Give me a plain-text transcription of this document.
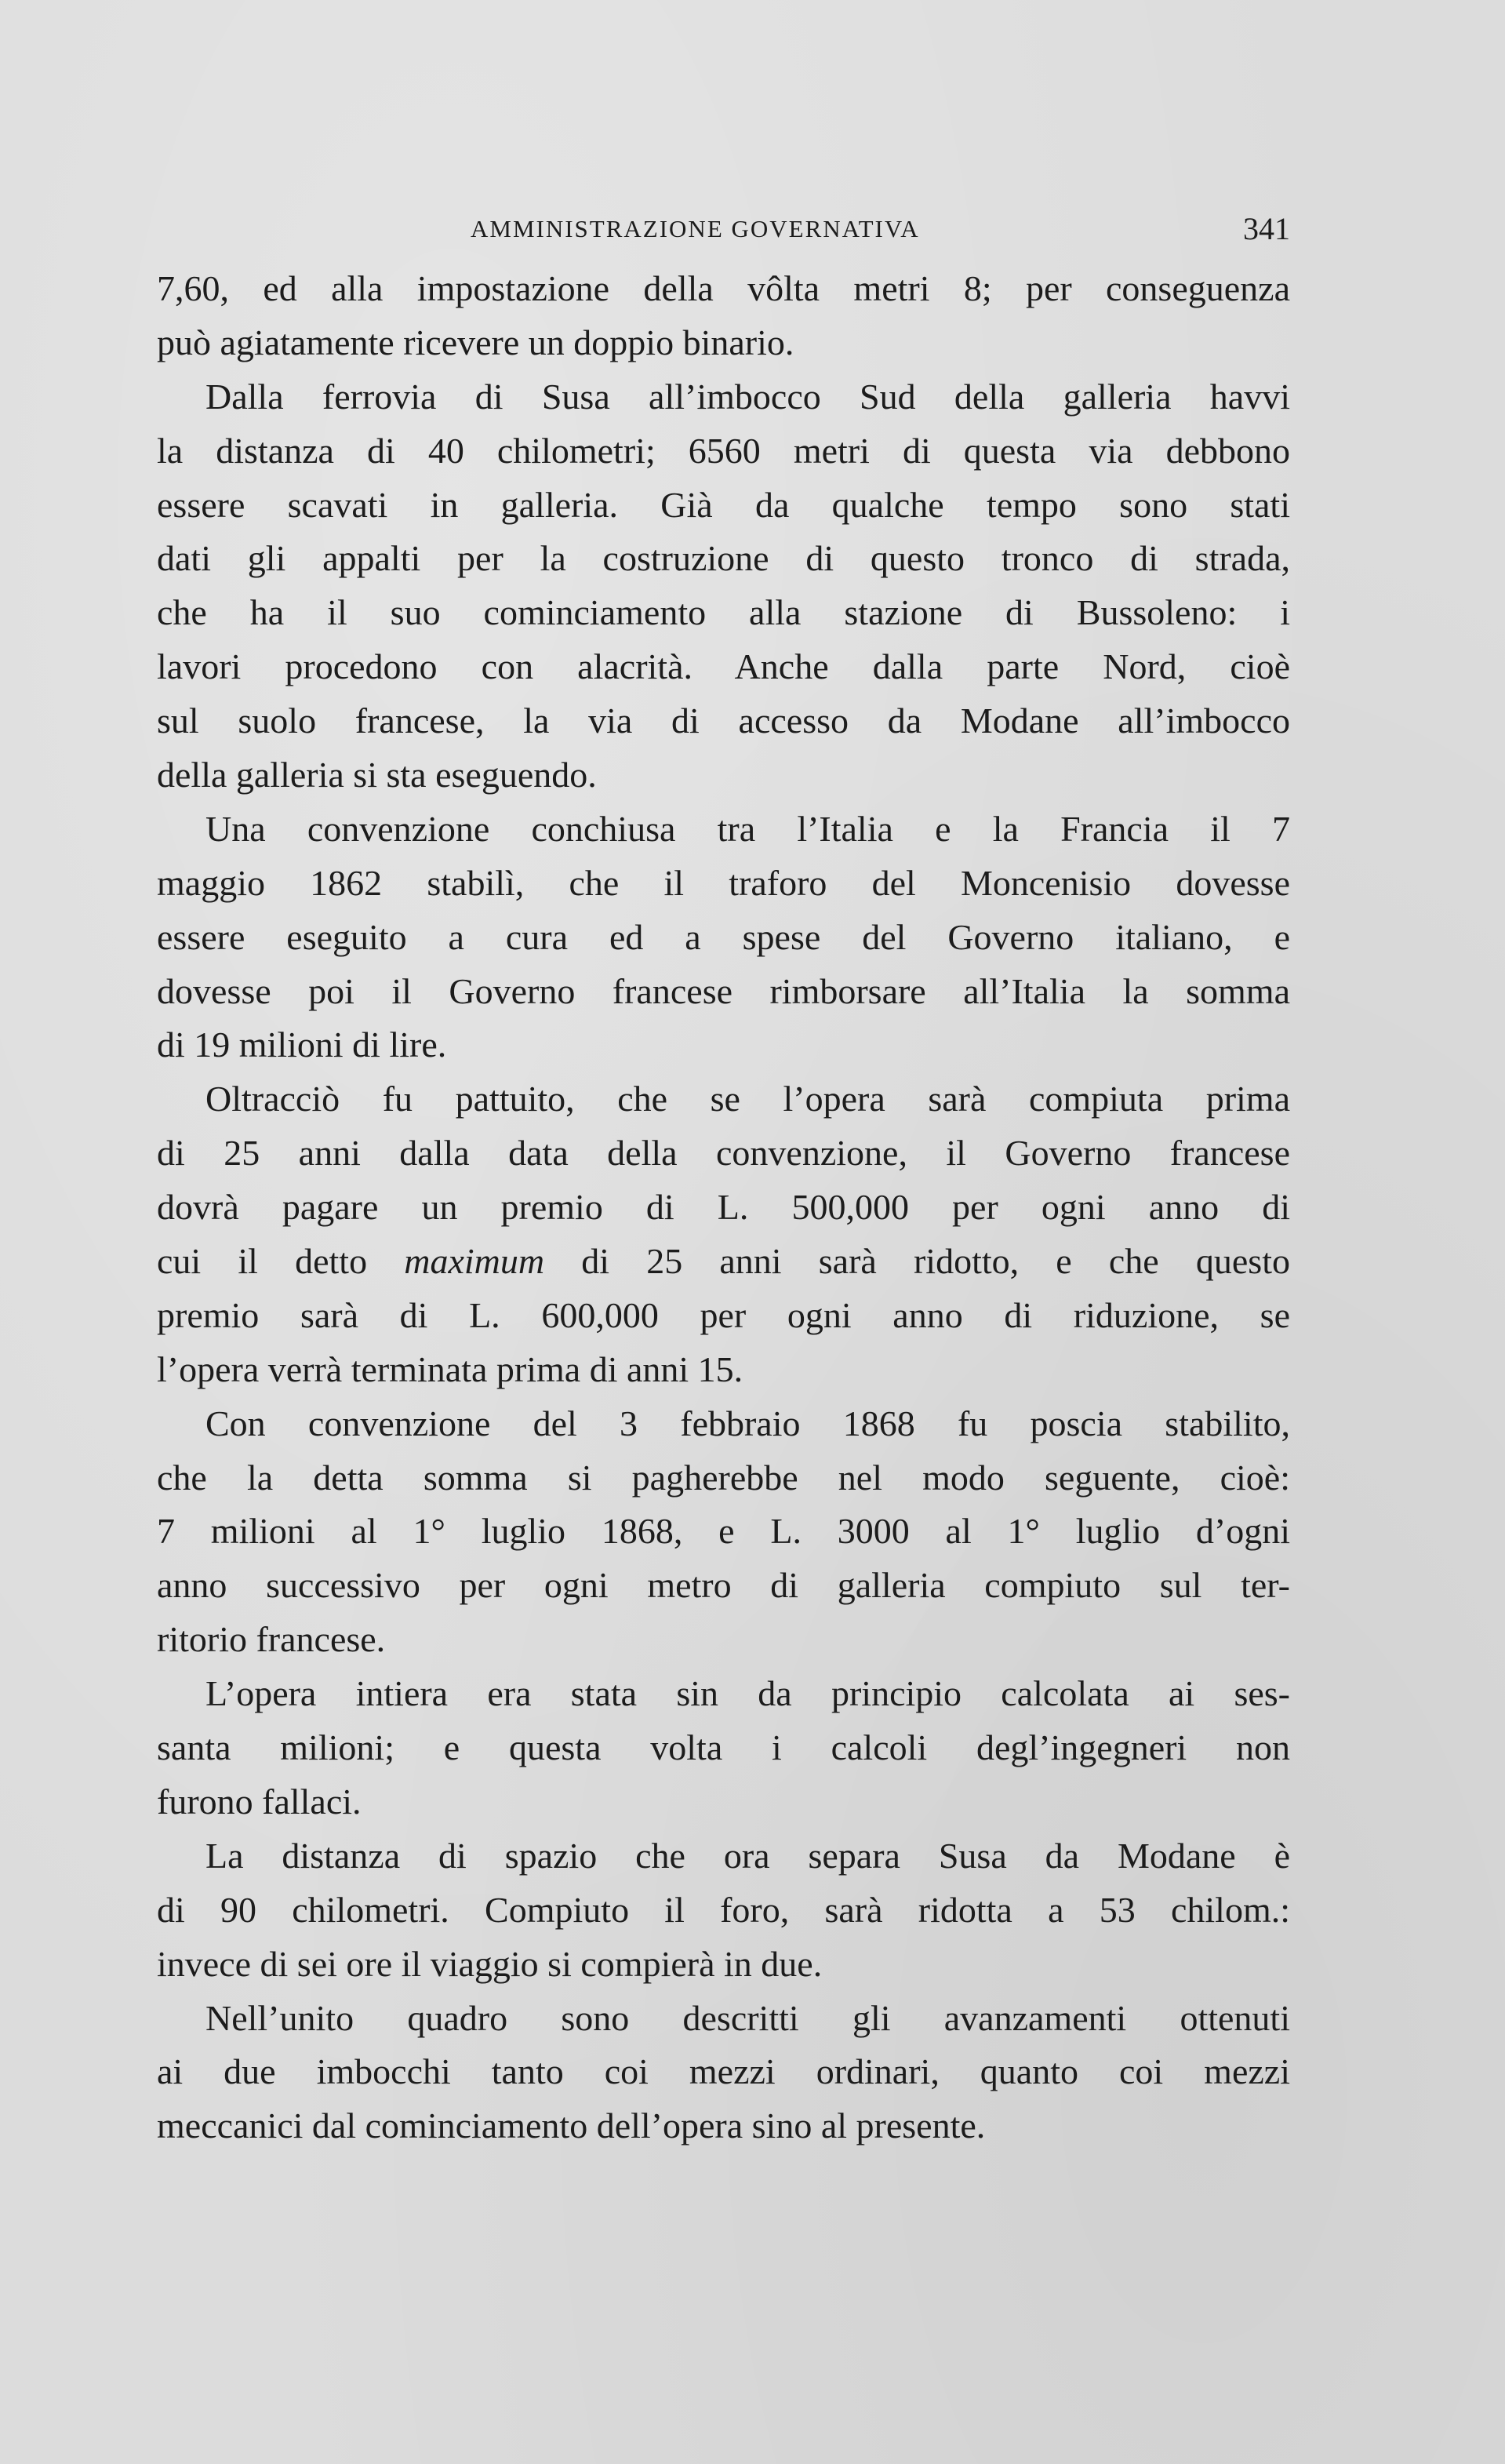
AMMINISTRAZIONE GOVERNATIVA	341
7,60, ed alla impostazione della vôlta metri 8; per conseguenza
può agiatamente ricevere un doppio binario.
Dalla ferrovia di Susa all’imbocco Sud della galleria havvi
la distanza di 40 chilometri; 6560 metri di questa via debbono
essere scavati in galleria. Già da qualche tempo sono stati
dati gli appalti per la costruzione di questo tronco di strada,
che ha il suo cominciamento alla stazione di Bussoleno: i
lavori procedono con alacrità. Anche dalla parte Nord, cioè
sul suolo francese, la via di accesso da Modane all’imbocco
della galleria si sta eseguendo.
Una convenzione conchiusa tra l’Italia e la Francia il 7
maggio 1862 stabilì, che il traforo del Moncenisio dovesse
essere eseguito a cura ed a spese del Governo italiano, e
dovesse poi il Governo francese rimborsare all’Italia la somma
di 19 milioni di lire.
Oltracciò fu pattuito, che se l’opera sarà compiuta prima
di 25 anni dalla data della convenzione, il Governo francese
dovrà pagare un premio di L. 500,000 per ogni anno di
cui il detto maximum di 25 anni sarà ridotto, e che questo
premio sarà di L. 600,000 per ogni anno di riduzione, se
l’opera verrà terminata prima di anni 15.
Con convenzione del 3 febbraio 1868 fu poscia stabilito,
che la detta somma si pagherebbe nel modo seguente, cioè:
7 milioni al 1° luglio 1868, e L. 3000 al 1° luglio d’ogni
anno successivo per ogni metro di galleria compiuto sul ter-
ritorio francese.
L’opera intiera era stata sin da principio calcolata ai ses-
santa milioni; e questa volta i calcoli degl’ingegneri non
furono fallaci.
La distanza di spazio che ora separa Susa da Modane è
di 90 chilometri. Compiuto il foro, sarà ridotta a 53 chilom.:
invece di sei ore il viaggio si compierà in due.
Nell’unito quadro sono descritti gli avanzamenti ottenuti
ai due imbocchi tanto coi mezzi ordinari, quanto coi mezzi
meccanici dal cominciamento dell’opera sino al presente.
